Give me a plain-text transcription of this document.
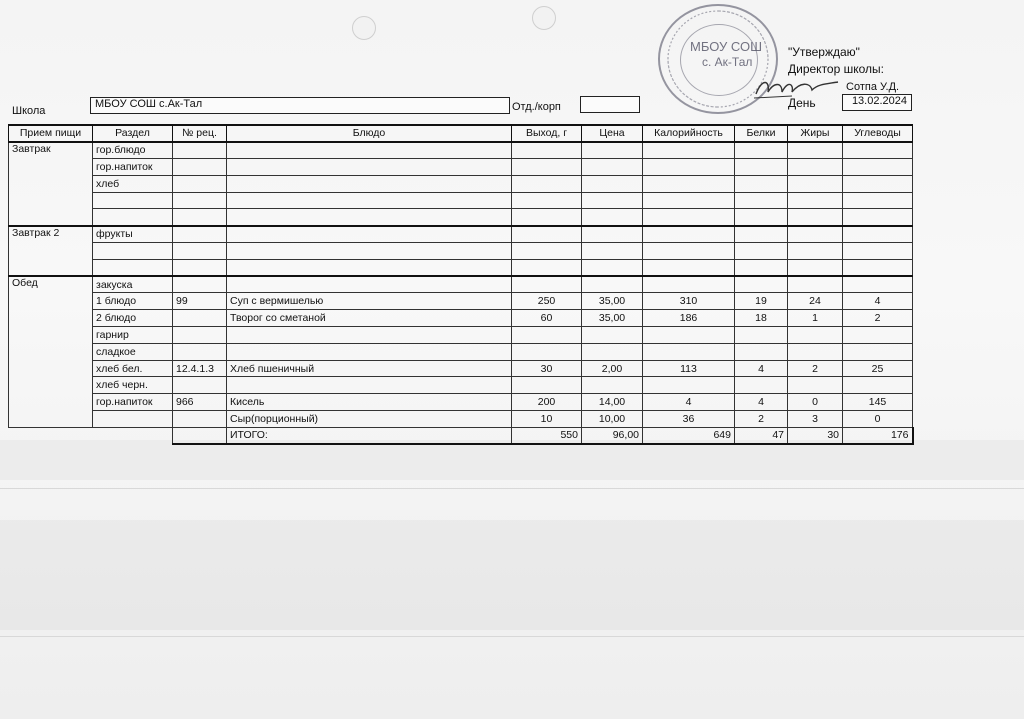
МБОУ СОШ
с. Ак-Тал
"Утверждаю"
Директор школы:
Сотпа У.Д.
День	13.02.2024
Школа
МБОУ СОШ с.Ак-Тал	Отд./корп
Прием пищи	Раздел	№ рец.	Блюдо	Выход, г	Цена	Калорийность	Белки	Жиры	Углеводы
Завтрак	гор.блюдо								
	гор.напиток								
	хлеб								

Завтрак 2	фрукты								

Обед	закуска								
	1 блюдо	99	Суп с вермишелью	250	35,00	310	19	24	4
	2 блюдо		Творог со сметаной	60	35,00	186	18	1	2
	гарнир								
	сладкое								
	хлеб бел.	12.4.1.3	Хлеб пшеничный	30	2,00	113	4	2	25
	хлеб черн.								
	гор.напиток	966	Кисель	200	14,00	4	4	0	145
			Сыр(порционный)	10	10,00	36	2	3	0
			ИТОГО:	550	96,00	649	47	30	176
